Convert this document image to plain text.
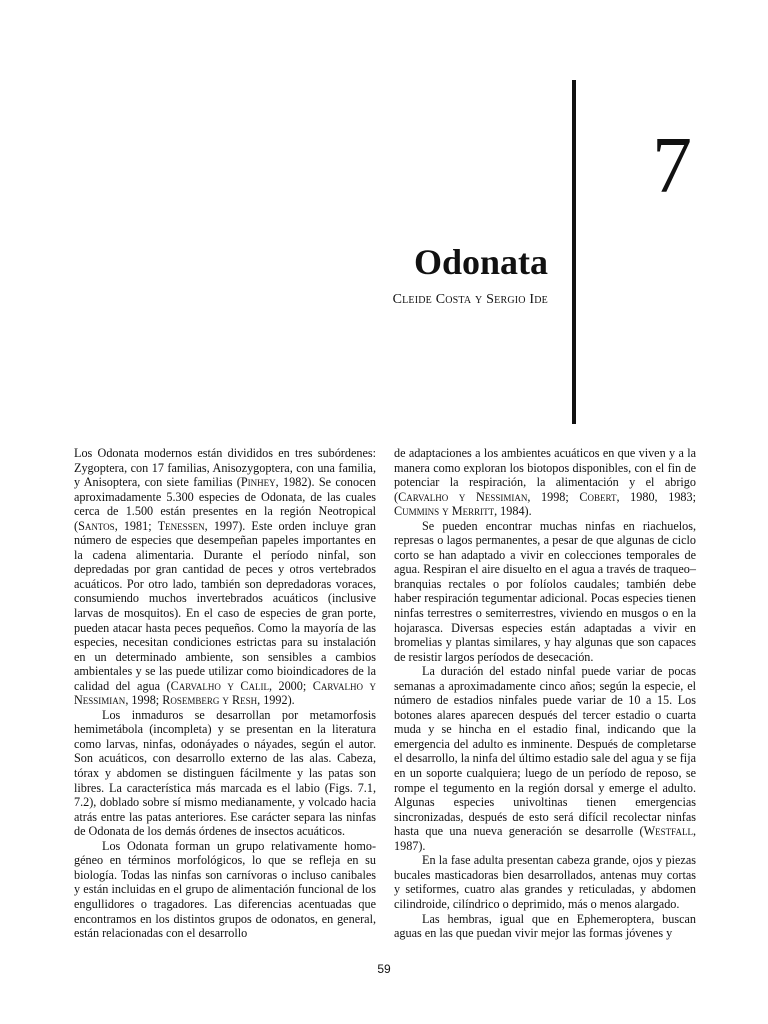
7
Odonata
Cleide Costa y Sergio Ide

Los Odonata modernos están divididos en tres subórdenes: Zygoptera, con 17 familias, Anisozygoptera, con una familia, y Anisoptera, con siete familias (Pinhey, 1982). Se conocen aproximadamente 5.300 especies de Odonata, de las cuales cerca de 1.500 están presentes en la región Neotropical (Santos, 1981; Tenessen, 1997). Este orden incluye gran número de especies que desempeñan papeles importantes en la cadena alimentaria. Durante el período ninfal, son depredadas por gran cantidad de peces y otros vertebrados acuáticos. Por otro lado, también son depredadoras voraces, consumiendo muchos invertebrados acuáticos (inclusive larvas de mosquitos). En el caso de especies de gran porte, pueden atacar hasta peces pequeños. Como la mayoría de las especies, necesitan condiciones estrictas para su instalación en un determinado ambiente, son sensibles a cambios ambientales y se las puede utilizar como bioindicadores de la calidad del agua (Carvalho y Calil, 2000; Carvalho y Nessimian, 1998; Rosemberg y Resh, 1992).

Los inmaduros se desarrollan por metamorfosis hemimetábola (incompleta) y se presentan en la literatura como larvas, ninfas, odonáyades o náyades, según el autor. Son acuáticos, con desarrollo externo de las alas. Cabeza, tórax y abdomen se distinguen fácilmente y las patas son libres. La característica más marcada es el labio (Figs. 7.1, 7.2), doblado sobre sí mismo medianamente, y volcado hacia atrás entre las patas anteriores. Ese carácter separa las ninfas de Odonata de los demás órdenes de insectos acuáticos.

Los Odonata forman un grupo relativamente homogéneo en términos morfológicos, lo que se refleja en su biología. Todas las ninfas son carnívoras o incluso canibales y están incluidas en el grupo de alimentación funcional de los engullidores o tragadores. Las diferencias acentuadas que encontramos en los distintos grupos de odonatos, en general, están relacionadas con el desarrollo

de adaptaciones a los ambientes acuáticos en que viven y a la manera como exploran los biotopos disponibles, con el fin de potenciar la respiración, la alimentación y el abrigo (Carvalho y Nessimian, 1998; Cobert, 1980, 1983; Cummins y Merritt, 1984).

Se pueden encontrar muchas ninfas en riachuelos, represas o lagos permanentes, a pesar de que algunas de ciclo corto se han adaptado a vivir en colecciones temporales de agua. Respiran el aire disuelto en el agua a través de traqueo–branquias rectales o por folíolos caudales; también debe haber respiración tegumentar adicional. Pocas especies tienen ninfas terrestres o semiterrestres, viviendo en musgos o en la hojarasca. Diversas especies están adaptadas a vivir en bromelias y plantas similares, y hay algunas que son capaces de resistir largos períodos de desecación.

La duración del estado ninfal puede variar de pocas semanas a aproximadamente cinco años; según la especie, el número de estadios ninfales puede variar de 10 a 15. Los botones alares aparecen después del tercer estadio o cuarta muda y se hincha en el estadio final, indicando que la emergencia del adulto es inminente. Después de completarse el desarrollo, la ninfa del último estadio sale del agua y se fija en un soporte cualquiera; luego de un período de reposo, se rompe el tegumento en la región dorsal y emerge el adulto. Algunas especies univoltinas tienen emergencias sincronizadas, después de esto será difícil recolectar ninfas hasta que una nueva generación se desarrolle (Westfall, 1987).

En la fase adulta presentan cabeza grande, ojos y piezas bucales masticadoras bien desarrollados, antenas muy cortas y setiformes, cuatro alas grandes y reticuladas, y abdomen cilindroide, cilíndrico o deprimido, más o menos alargado.

Las hembras, igual que en Ephemeroptera, buscan aguas en las que puedan vivir mejor las formas jóvenes y

59
